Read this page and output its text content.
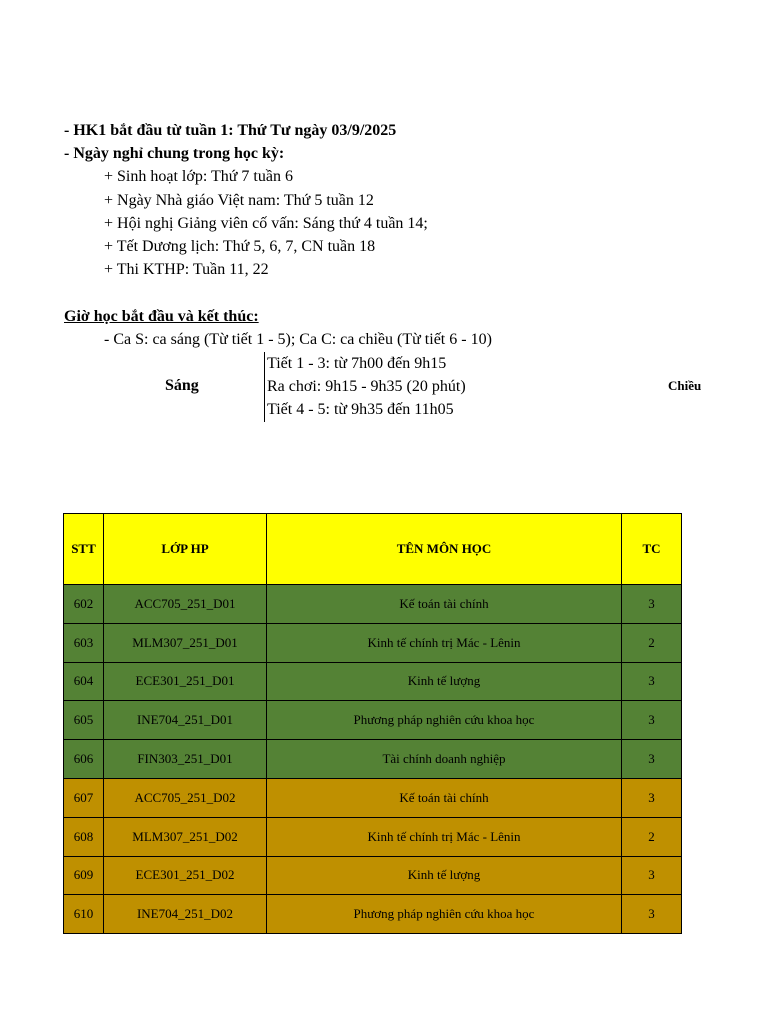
- HK1 bắt đầu từ tuần 1: Thứ Tư ngày 03/9/2025
- Ngày nghỉ chung trong học kỳ:
+ Sinh hoạt lớp: Thứ 7 tuần 6
+ Ngày Nhà giáo Việt nam: Thứ 5 tuần 12
+ Hội nghị Giảng viên cố vấn: Sáng thứ 4 tuần 14;
+ Tết Dương lịch: Thứ 5, 6, 7, CN tuần 18
+ Thi KTHP: Tuần 11, 22
Giờ học bắt đầu và kết thúc:
- Ca S: ca sáng (Từ tiết 1 - 5); Ca C: ca chiều (Từ tiết 6 - 10)
Sáng
Tiết 1 - 3: từ 7h00 đến 9h15
Ra chơi: 9h15 - 9h35 (20 phút)
Tiết 4 - 5: từ 9h35 đến 11h05
Chiều
STT	LỚP HP	TÊN MÔN HỌC	TC
602	ACC705_251_D01	Kế toán tài chính	3
603	MLM307_251_D01	Kinh tế chính trị Mác - Lênin	2
604	ECE301_251_D01	Kinh tế lượng	3
605	INE704_251_D01	Phương pháp nghiên cứu khoa học	3
606	FIN303_251_D01	Tài chính doanh nghiệp	3
607	ACC705_251_D02	Kế toán tài chính	3
608	MLM307_251_D02	Kinh tế chính trị Mác - Lênin	2
609	ECE301_251_D02	Kinh tế lượng	3
610	INE704_251_D02	Phương pháp nghiên cứu khoa học	3
